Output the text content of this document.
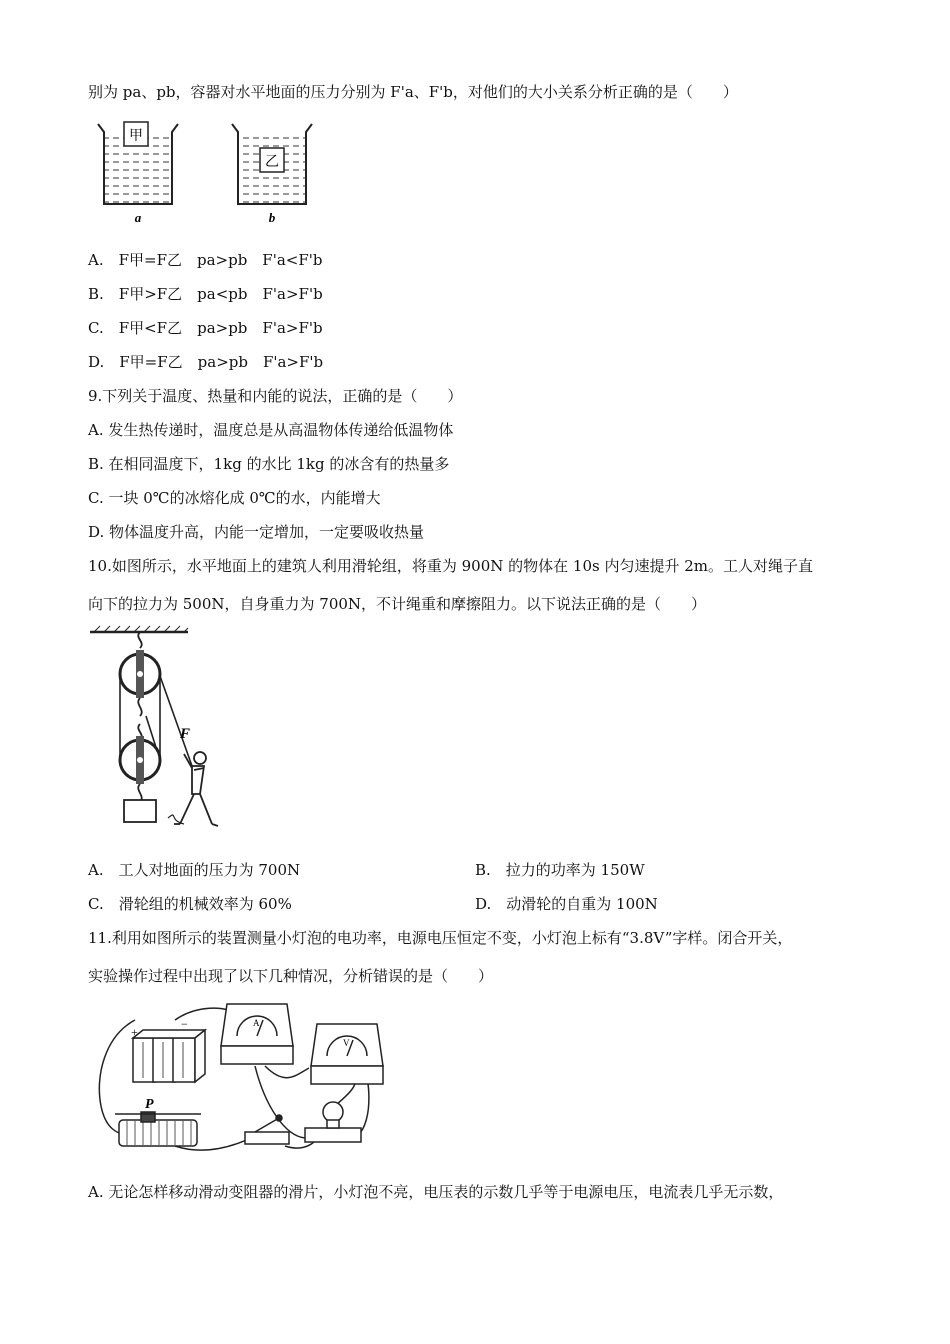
别为 pa、pb，容器对水平地面的压力分别为 F'a、F'b，对他们的大小关系分析正确的是（　　）
甲
a
乙
b
A.　F甲=F乙　pa>pb　F'a<F'b
B.　F甲>F乙　pa<pb　F'a>F'b
C.　F甲<F乙　pa>pb　F'a>F'b
D.　F甲=F乙　pa>pb　F'a>F'b
9.下列关于温度、热量和内能的说法，正确的是（　　）
A. 发生热传递时，温度总是从高温物体传递给低温物体
B. 在相同温度下，1kg 的水比 1kg 的冰含有的热量多
C. 一块 0℃的冰熔化成 0℃的水，内能增大
D. 物体温度升高，内能一定增加，一定要吸收热量
10.如图所示，水平地面上的建筑人利用滑轮组，将重为 900N 的物体在 10s 内匀速提升 2m。工人对绳子直
向下的拉力为 500N，自身重力为 700N，不计绳重和摩擦阻力。以下说法正确的是（　　）
F
A.　工人对地面的压力为 700N	B.　拉力的功率为 150W
C.　滑轮组的机械效率为 60%	D.　动滑轮的自重为 100N
11.利用如图所示的装置测量小灯泡的电功率，电源电压恒定不变，小灯泡上标有“3.8V”字样。闭合开关，
实验操作过程中出现了以下几种情况，分析错误的是（　　）
+
−	A
V
P
A. 无论怎样移动滑动变阻器的滑片，小灯泡不亮，电压表的示数几乎等于电源电压，电流表几乎无示数，
